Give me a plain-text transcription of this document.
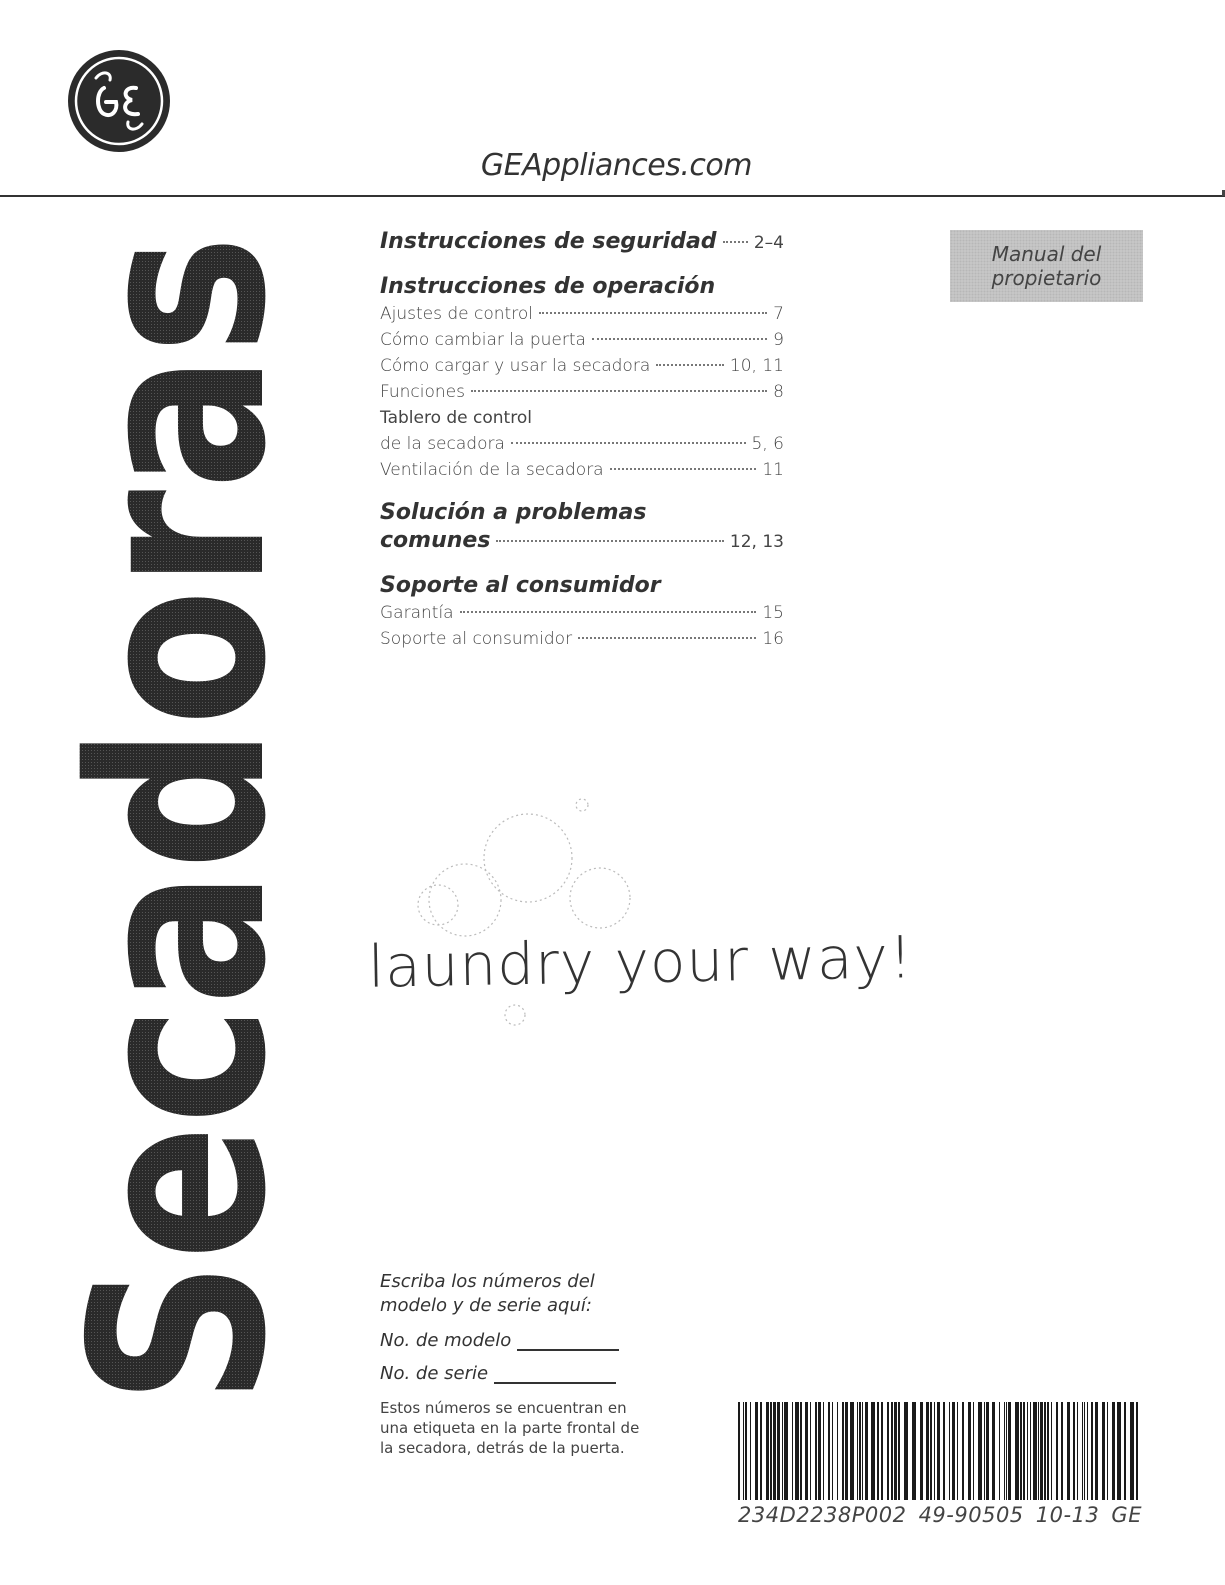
GEAppliances.com
Secadoras	Manual del
propietario
Instrucciones de seguridad 2–4
Instrucciones de operación
Ajustes de control	7
Cómo cambiar la puerta	9
Cómo cargar y usar la secadora	10, 11
Funciones	8
Tablero de control
de la secadora	5, 6
Ventilación de la secadora	11
Solución a problemas
comunes	12, 13
Soporte al consumidor
Garantía	15
Soporte al consumidor	16
laundry your way!
Escriba los números del
modelo y de serie aquí:
No. de modelo
No. de serie
Estos números se encuentran en una etiqueta en la parte frontal de la secadora, detrás de la puerta.
234D2238P002 49-90505 10-13 GE
